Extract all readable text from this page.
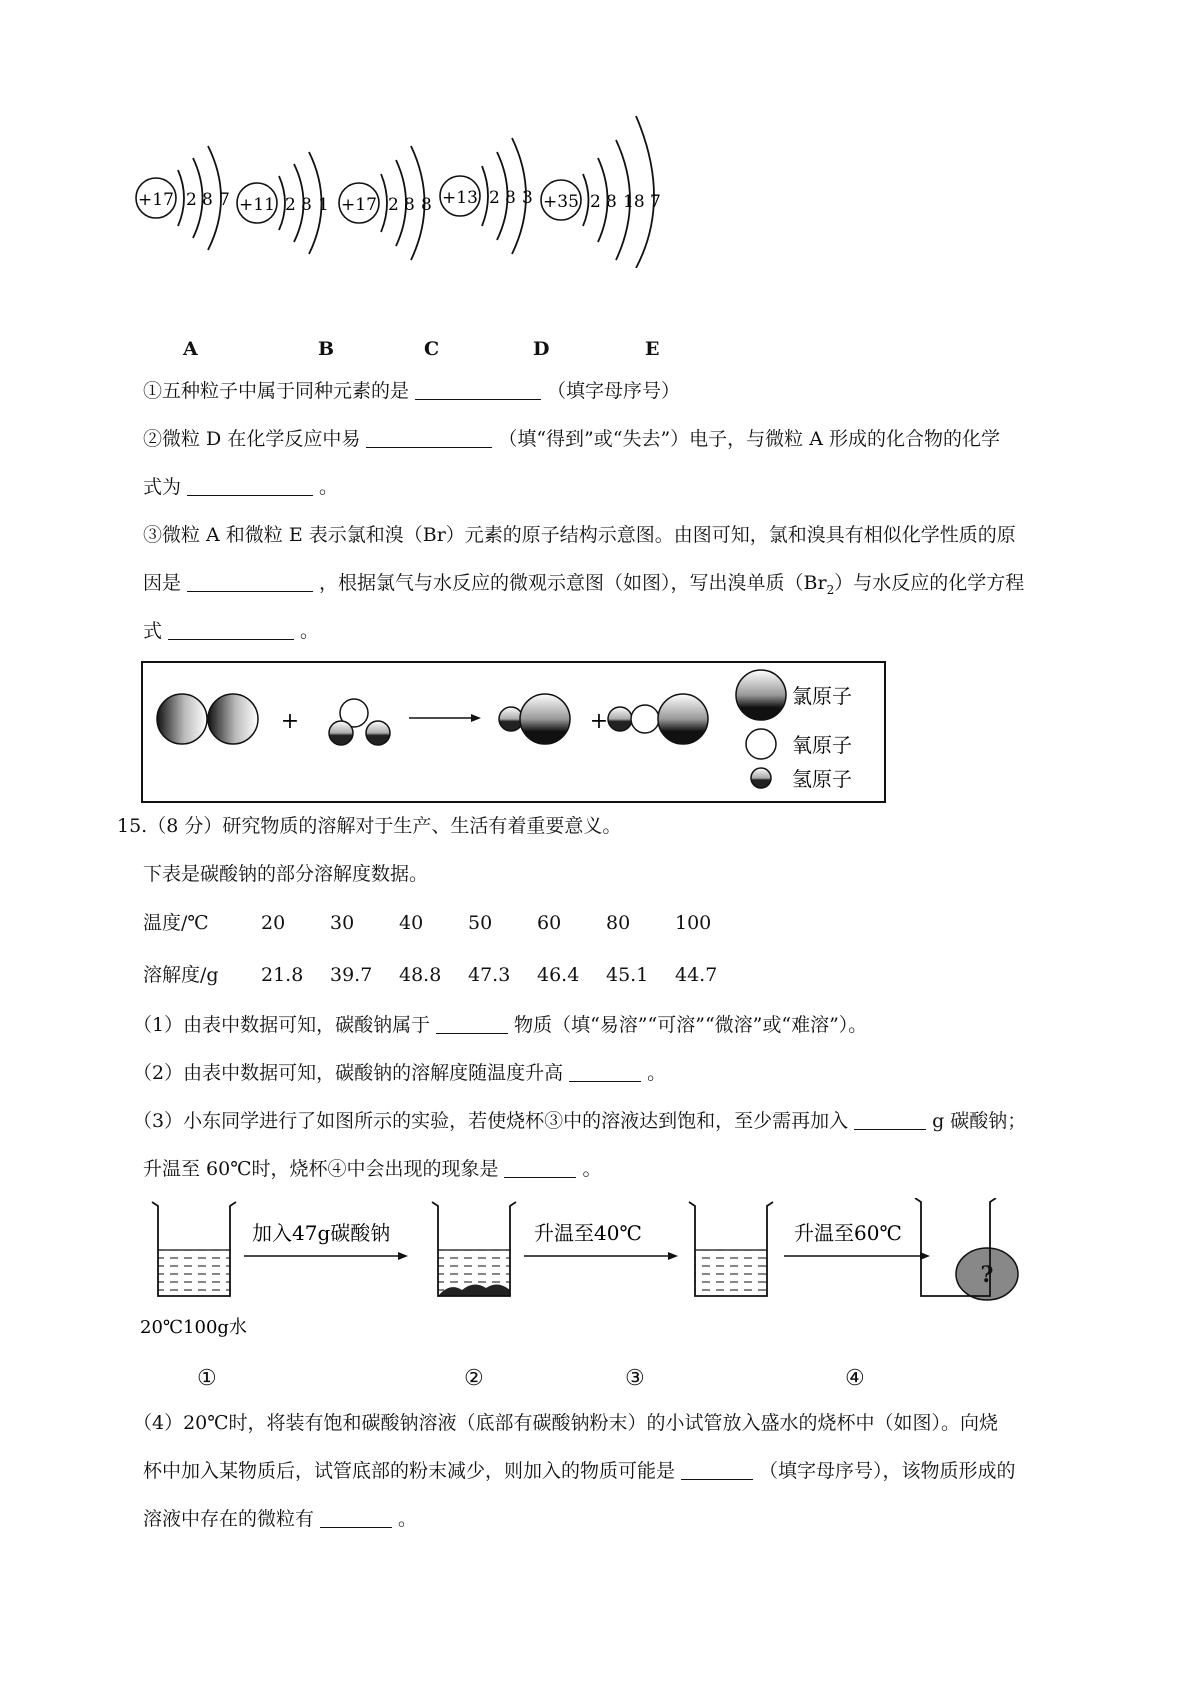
+17 2 8 7 +11 2 8 1 +17 2 8 8 +13 2 8 3 +35 2 8 18 7
A	B	C	D	E
①五种粒子中属于同种元素的是	（填字母序号）
②微粒 D 在化学反应中易	（填“得到”或“失去”）电子，与微粒 A 形成的化合物的化学
式为	。
③微粒 A 和微粒 E 表示氯和溴（Br）元素的原子结构示意图。由图可知，氯和溴具有相似化学性质的原
因是	，根据氯气与水反应的微观示意图（如图），写出溴单质$(Br_2)$与水反应的化学方程
式	。
+	+
氯原子
氧原子
氢原子
15.（8 分）研究物质的溶解对于生产、生活有着重要意义。
下表是碳酸钠的部分溶解度数据。
温度/℃	20 30 40 50 60 80 100
溶解度/g 21.8 39.7 48.8 47.3 46.4 45.1 44.7
（1）由表中数据可知，碳酸钠属于	物质（填“易溶”“可溶”“微溶”或“难溶”）。
（2）由表中数据可知，碳酸钠的溶解度随温度升高	。
（3）小东同学进行了如图所示的实验，若使烧杯③中的溶液达到饱和，至少需再加入	g 碳酸钠；
升温至 60℃时，烧杯④中会出现的现象是	。
加入47g碳酸钠	升温至40℃	升温至60℃
?
20℃100g水
①	②	③	④
（4）20℃时，将装有饱和碳酸钠溶液（底部有碳酸钠粉末）的小试管放入盛水的烧杯中（如图）。向烧
杯中加入某物质后，试管底部的粉末减少，则加入的物质可能是	（填字母序号），该物质形成的
溶液中存在的微粒有	。
